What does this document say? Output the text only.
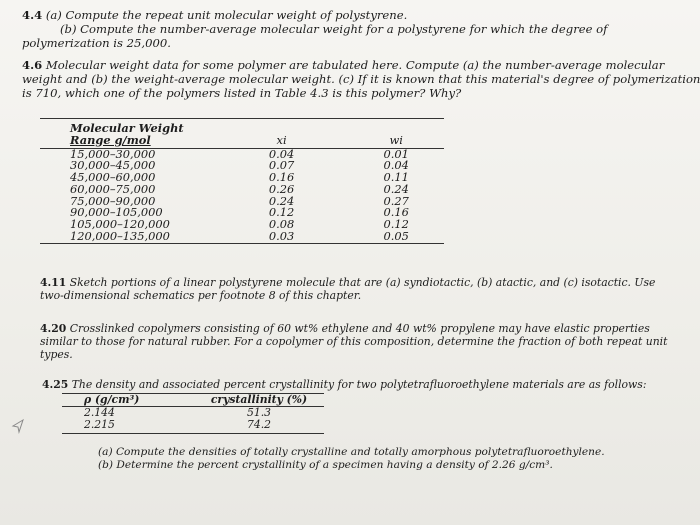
4.4 (a) Compute the repeat unit molecular weight of polystyrene.
(b) Compute the number-average molecular weight for a polystyrene for which the degree of
polymerization is 25,000.
4.6 Molecular weight data for some polymer are tabulated here. Compute (a) the number-average molecular
weight and (b) the weight-average molecular weight. (c) If it is known that this material's degree of polymerization
is 710, which one of the polymers listed in Table 4.3 is this polymer? Why?
Molecular Weight
Range g/mol	xi	wi
15,000–30,000	0.04	0.01
30,000–45,000	0.07	0.04
45,000–60,000	0.16	0.11
60,000–75,000	0.26	0.24
75,000–90,000	0.24	0.27
90,000–105,000	0.12	0.16
105,000–120,000	0.08	0.12
120,000–135,000	0.03	0.05
4.11 Sketch portions of a linear polystyrene molecule that are (a) syndiotactic, (b) atactic, and (c) isotactic. Use
two-dimensional schematics per footnote 8 of this chapter.
4.20 Crosslinked copolymers consisting of 60 wt% ethylene and 40 wt% propylene may have elastic properties
similar to those for natural rubber. For a copolymer of this composition, determine the fraction of both repeat unit
types.
4.25 The density and associated percent crystallinity for two polytetrafluoroethylene materials are as follows:
ρ (g/cm³)	crystallinity (%)
2.144	51.3
2.215	74.2
(a) Compute the densities of totally crystalline and totally amorphous polytetrafluoroethylene.
(b) Determine the percent crystallinity of a specimen having a density of 2.26 g/cm³.
